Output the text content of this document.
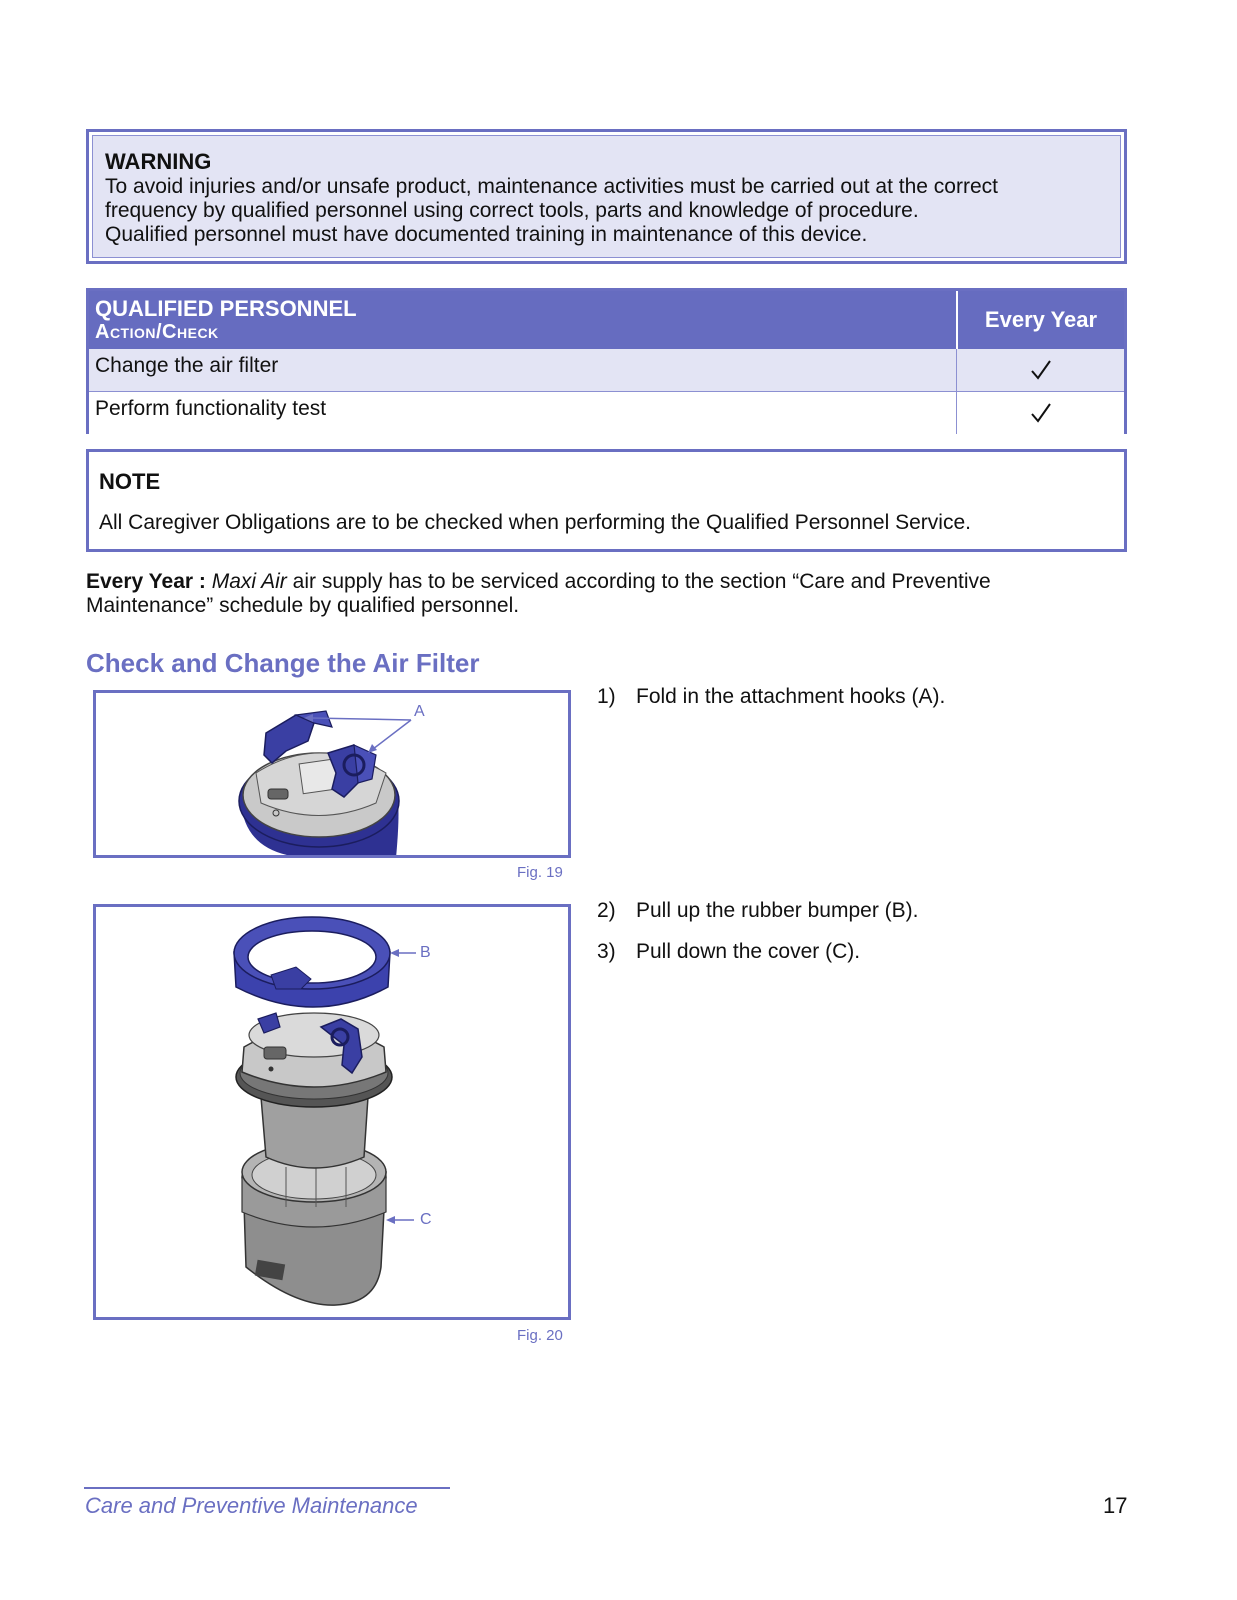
WARNING
To avoid injuries and/or unsafe product, maintenance activities must be carried out at the correct
frequency by qualified personnel using correct tools, parts and knowledge of procedure.
Qualified personnel must have documented training in maintenance of this device.
QUALIFIED PERSONNEL
Action/Check	Every Year
Change the air filter
Perform functionality test
NOTE
All Caregiver Obligations are to be checked when performing the Qualified Personnel Service.
Every Year : Maxi Air air supply has to be serviced according to the section “Care and Preventive
Maintenance” schedule by qualified personnel.
Check and Change the Air Filter
A
Fig. 19
B
C
Fig. 20
1) Fold in the attachment hooks (A).
2) Pull up the rubber bumper (B).
3) Pull down the cover (C).
Care and Preventive Maintenance	17
